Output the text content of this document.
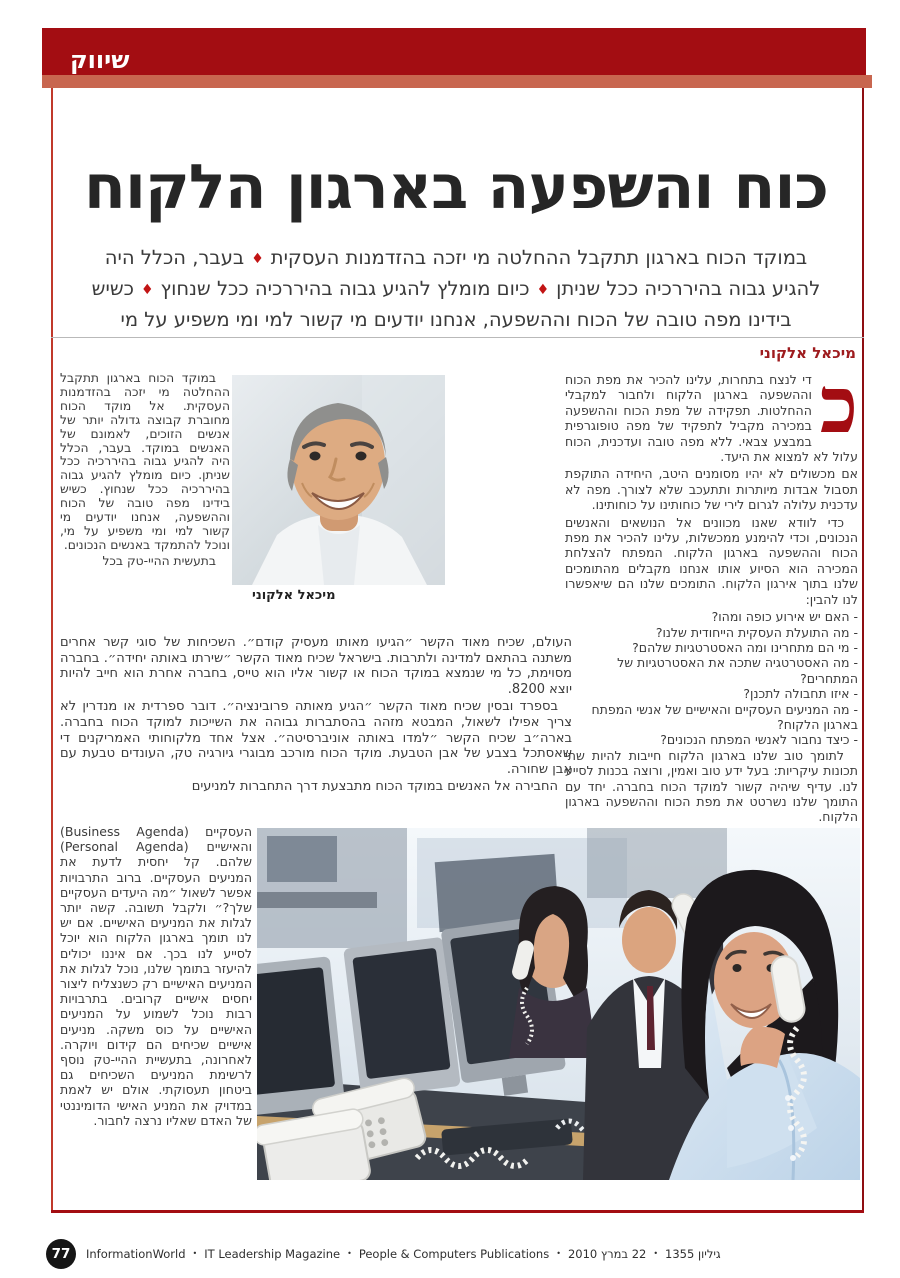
שיווק
כוח והשפעה בארגון הלקוח
במוקד הכוח בארגון תתקבל ההחלטה מי יזכה בהזדמנות העסקית♦בעבר, הכלל היה
להגיע גבוה בהיררכיה ככל שניתן♦כיום מומלץ להגיע גבוה בהיררכיה ככל שנחוץ♦כשיש
בידינו מפה טובה של הכוח וההשפעה, אנחנו יודעים מי קשור למי ומי משפיע על מי
מיכאל אלקוני

כ
די לנצח בתחרות, עלינו להכיר את מפת הכוח וההשפעה בארגון הלקוח ולחבור למקבלי ההחלטות. תפקידה של מפת הכוח וההשפעה במכירה מקביל לתפקיד של מפה טופוגרפית במבצע צבאי. ללא מפה טובה ועדכנית, הכוח עלול לא למצוא את היעד.

אם מכשולים לא יהיו מסומנים היטב, היחידה התוקפת תסבול אבדות מיותרות ותתעכב שלא לצורך. מפה לא עדכנית עלולה לגרום לירי של כוחותינו על כוחותינו.

כדי לוודא שאנו מכוונים אל הנושאים והאנשים הנכונים, וכדי להימנע ממכשלות, עלינו להכיר את מפת הכוח וההשפעה בארגון הלקוח. המפתח להצלחת המכירה הוא הסיוע אותו אנחנו מקבלים מהתומכים שלנו בתוך אירגון הלקוח. התומכים שלנו הם שיאפשרו לנו להבין:

- האם יש אירוע כופה ומהו?
- מה התועלת העסקית הייחודית שלנו?
- מי הם מתחרינו ומה האסטרטגיות שלהם?
- מה האסטרטגיה שתכה את האסטרטגיות של המתחרים?
- איזו תחבולה לתכנן?
- מה המניעים העסקיים והאישיים של אנשי המפתח בארגון הלקוח?
- כיצד נחבור לאנשי המפתח הנכונים?

לתומך טוב שלנו בארגון הלקוח חייבות להיות שתי תכונות עיקריות: בעל ידע טוב ואמין, ורוצה בכנות לסייע לנו. עדיף שיהיה קשור למוקד הכוח בחברה. יחד עם התומך שלנו נשרטט את מפת הכוח וההשפעה בארגון הלקוח.

מיכאל אלקוני

במוקד הכוח בארגון תתקבל ההחלטה מי יזכה בהזדמנות העסקית. אל מוקד הכוח מחוברת קבוצה גדולה יותר של אנשים הזוכים, לאמונם של האנשים במוקד. בעבר, הכלל היה להגיע גבוה בהיררכיה ככל שניתן. כיום מומלץ להגיע גבוה בהיררכיה ככל שנחוץ. כשיש בידינו מפה טובה של הכוח וההשפעה, אנחנו יודעים מי קשור למי ומי משפיע על מי, ונוכל להתמקד באנשים הנכונים.

בתעשית ההיי-טק בכל

העולם, שכיח מאוד הקשר ״הגיעו מאותו מעסיק קודם״. השכיחות של סוגי קשר אחרים משתנה בהתאם למדינה ולתרבות. בישראל שכיח מאוד הקשר ״שירתו באותה יחידה״. בחברה מסוימת, כל מי שנמצא במוקד הכוח או קשור אליו הוא טייס, בחברה אחרת הוא חייב להיות יוצא 8200.

בספרד ובסין שכיח מאוד הקשר ״הגיע מאותה פרובינציה״. דובר ספרדית או מנדרין לא צריך אפילו לשאול, המבטא מזהה בהסתברות גבוהה את השייכות למוקד הכוח בחברה. בארה״ב שכיח הקשר ״למדו באותה אוניברסיטה״. אצל אחד מלקוחותי האמריקנים די שאסתכל בצבע של אבן הטבעת. מוקד הכוח מורכב מבוגרי גיורגיה טק, העונדים טבעת עם אבן שחורה.

החבירה אל האנשים במוקד הכוח מתבצעת דרך התחברות למניעים

העסקיים (Business Agenda) והאישיים (Personal Agenda) שלהם. קל יחסית לדעת את המניעים העסקיים. ברוב התרבויות אפשר לשאול ״מה היעדים העסקיים שלך?״ ולקבל תשובה. קשה יותר לגלות את המניעים האישיים. אם יש לנו תומך בארגון הלקוח הוא יוכל לסייע לנו בכך. אם איננו יכולים להיעזר בתומך שלנו, נוכל לגלות את המניעים האישיים רק כשנצליח ליצור יחסים אישיים קרובים. בתרבויות רבות נוכל לשמוע על המניעים האישיים על כוס משקה. מניעים אישיים שכיחים הם קידום ויוקרה. לאחרונה, בתעשיית ההיי-טק נוסף לרשימת המניעים השכיחים גם ביטחון תעסוקתי. אולם יש לאמת במדויק את המניע האישי הדומיננטי של האדם שאליו נרצה לחבור.

77	InformationWorld • IT Leadership Magazine • People & Computers Publications • 22 במרץ 2010 • גיליון 1355
